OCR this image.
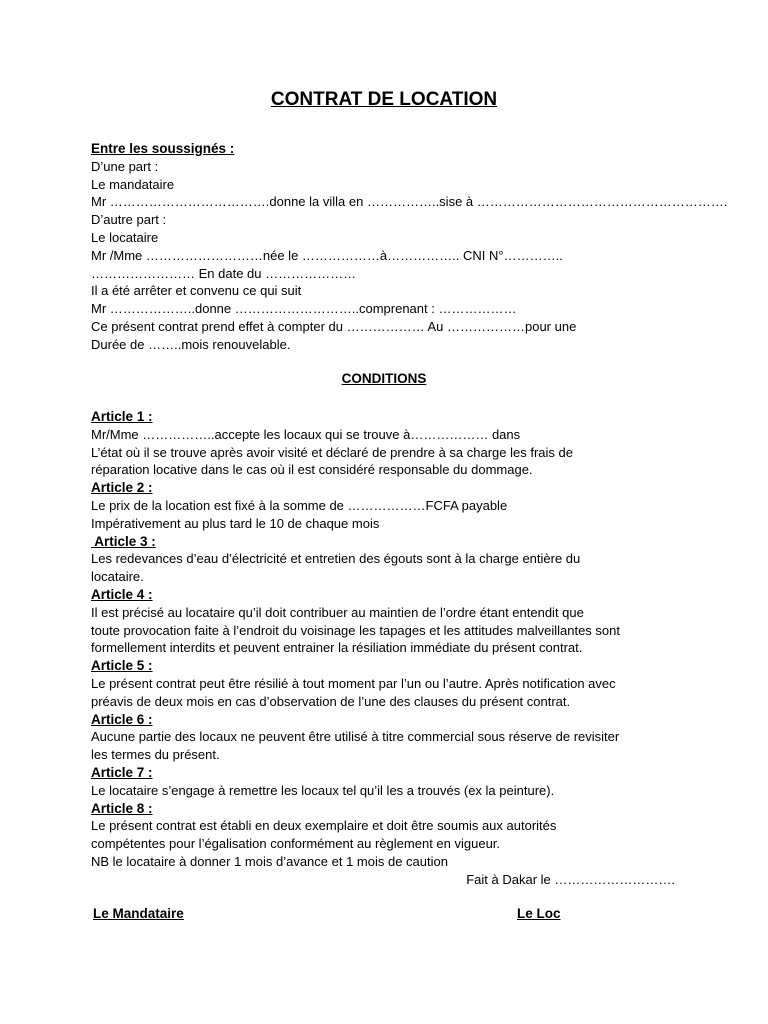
CONTRAT DE LOCATION

Entre les soussignés :

D’une part :

Le mandataire

Mr ……………………………….donne la villa en ……………..sise à ………………………………………………….

D’autre part :

Le locataire

Mr /Mme ………………………née le ………………à…………….. CNI N°…………..

…………………… En date du …………………

Il a été arrêter et convenu ce qui suit

Mr ………………..donne ………………………..comprenant : ………………

Ce présent contrat prend effet à compter du ……………… Au ………………pour une

Durée de ……..mois renouvelable.

CONDITIONS

Article 1 :

Mr/Mme ……………..accepte les locaux qui se trouve à……………… dans

L’état où il se trouve après avoir visité et déclaré de prendre à sa charge les frais de

réparation locative dans le cas où il est considéré responsable du dommage.

Article 2 :

Le prix de la location est fixé à la somme de ………………FCFA payable

Impérativement au plus tard le 10 de chaque mois

Article 3 :

Les redevances d’eau d’électricité et entretien des égouts sont à la charge entière du

locataire.

Article 4 :

Il est précisé au locataire qu’il doit contribuer au maintien de l’ordre étant entendit que

toute provocation faite à l’endroit du voisinage les tapages et les attitudes malveillantes sont

formellement interdits et peuvent entrainer la résiliation immédiate du présent contrat.

Article 5 :

Le présent contrat peut être résilié à tout moment par l’un ou l’autre. Après notification avec

préavis de deux mois en cas d’observation de l’une des clauses du présent contrat.

Article 6 :

Aucune partie des locaux ne peuvent être utilisé à titre commercial sous réserve de revisiter

les termes du présent.

Article 7 :

Le locataire s’engage à remettre les locaux tel qu’il les a trouvés (ex la peinture).

Article 8 :

Le présent contrat est établi en deux exemplaire et doit être soumis aux autorités

compétentes pour l’égalisation conformément au règlement en vigueur.

NB le locataire à donner 1 mois d’avance et 1 mois de caution

Fait à Dakar le ……………………….
Le Mandataire	Le Loc
